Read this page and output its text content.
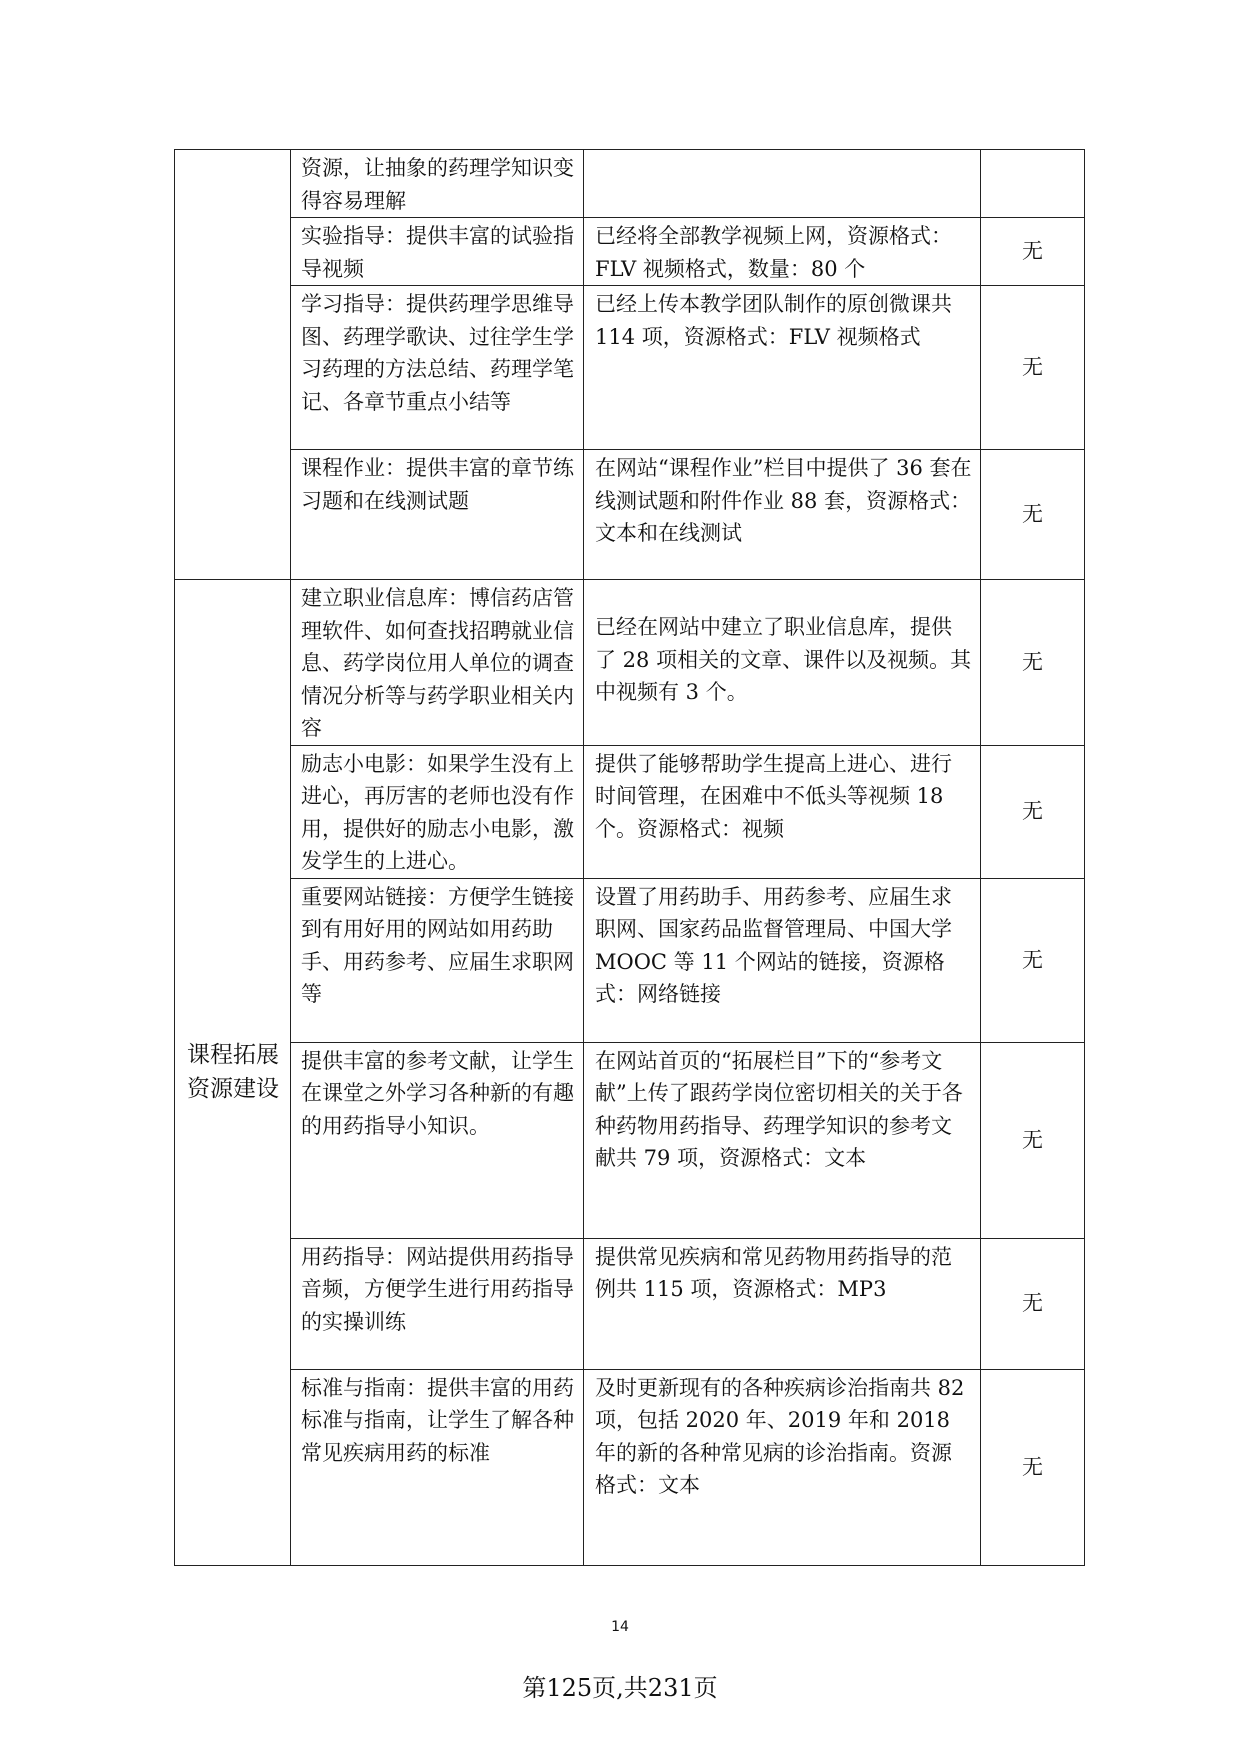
	资源，让抽象的药理学知识变得容易理解		

	实验指导：提供丰富的试验指导视频	已经将全部教学视频上网，资源格式：FLV 视频格式，数量：80 个	无

	学习指导：提供药理学思维导图、药理学歌诀、过往学生学习药理的方法总结、药理学笔记、各章节重点小结等	已经上传本教学团队制作的原创微课共 114 项，资源格式：FLV 视频格式	无

	课程作业：提供丰富的章节练习题和在线测试题	在网站“课程作业”栏目中提供了 36 套在线测试题和附件作业 88 套，资源格式：文本和在线测试	无

课程拓展资源建设	建立职业信息库：博信药店管理软件、如何查找招聘就业信息、药学岗位用人单位的调查情况分析等与药学职业相关内容	已经在网站中建立了职业信息库，提供了 28 项相关的文章、课件以及视频。其中视频有 3 个。	无

	励志小电影：如果学生没有上进心，再厉害的老师也没有作用，提供好的励志小电影，激发学生的上进心。	提供了能够帮助学生提高上进心、进行时间管理，在困难中不低头等视频 18 个。资源格式：视频	无

	重要网站链接：方便学生链接到有用好用的网站如用药助手、用药参考、应届生求职网等	设置了用药助手、用药参考、应届生求职网、国家药品监督管理局、中国大学 MOOC 等 11 个网站的链接，资源格式：网络链接	无

	提供丰富的参考文献，让学生在课堂之外学习各种新的有趣的用药指导小知识。	在网站首页的“拓展栏目”下的“参考文献”上传了跟药学岗位密切相关的关于各种药物用药指导、药理学知识的参考文献共 79 项，资源格式：文本	无

	用药指导：网站提供用药指导音频，方便学生进行用药指导的实操训练	提供常见疾病和常见药物用药指导的范例共 115 项，资源格式：MP3	无

	标准与指南：提供丰富的用药标准与指南，让学生了解各种常见疾病用药的标准	及时更新现有的各种疾病诊治指南共 82 项，包括 2020 年、2019 年和 2018 年的新的各种常见病的诊治指南。资源格式：文本	无
14
第125页,共231页
